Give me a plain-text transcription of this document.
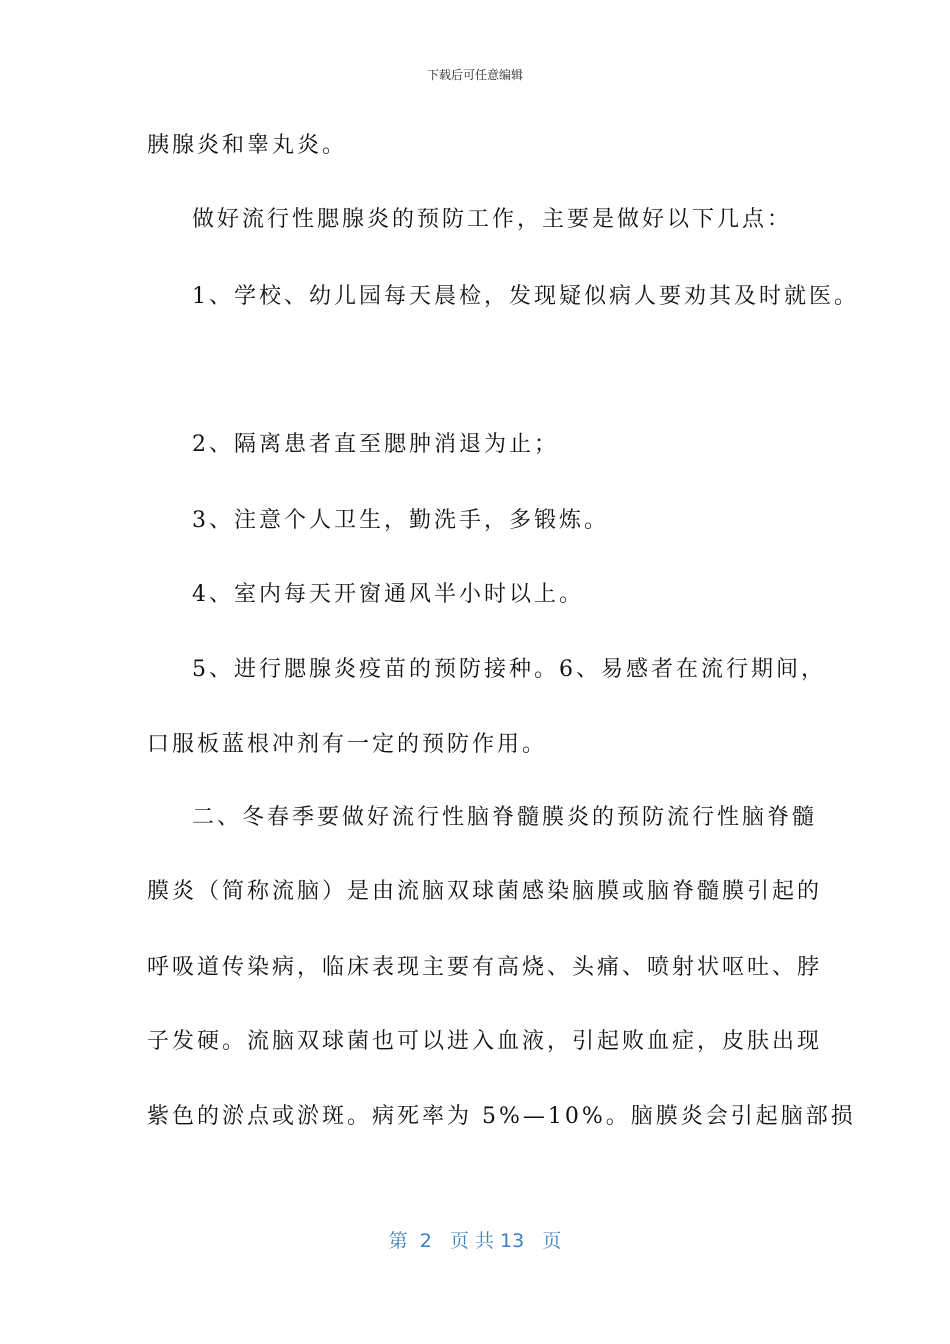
下载后可任意编辑
胰腺炎和睾丸炎。
做好流行性腮腺炎的预防工作，主要是做好以下几点：
1、学校、幼儿园每天晨检，发现疑似病人要劝其及时就医。
2、隔离患者直至腮肿消退为止；
3、注意个人卫生，勤洗手，多锻炼。
4、室内每天开窗通风半小时以上。
5、进行腮腺炎疫苗的预防接种。6、易感者在流行期间，
口服板蓝根冲剂有一定的预防作用。
二、冬春季要做好流行性脑脊髓膜炎的预防流行性脑脊髓
膜炎（简称流脑）是由流脑双球菌感染脑膜或脑脊髓膜引起的
呼吸道传染病，临床表现主要有高烧、头痛、喷射状呕吐、脖
子发硬。流脑双球菌也可以进入血液，引起败血症，皮肤出现
紫色的淤点或淤斑。病死率为 5%—10%。脑膜炎会引起脑部损
第  2   页 共 13   页
